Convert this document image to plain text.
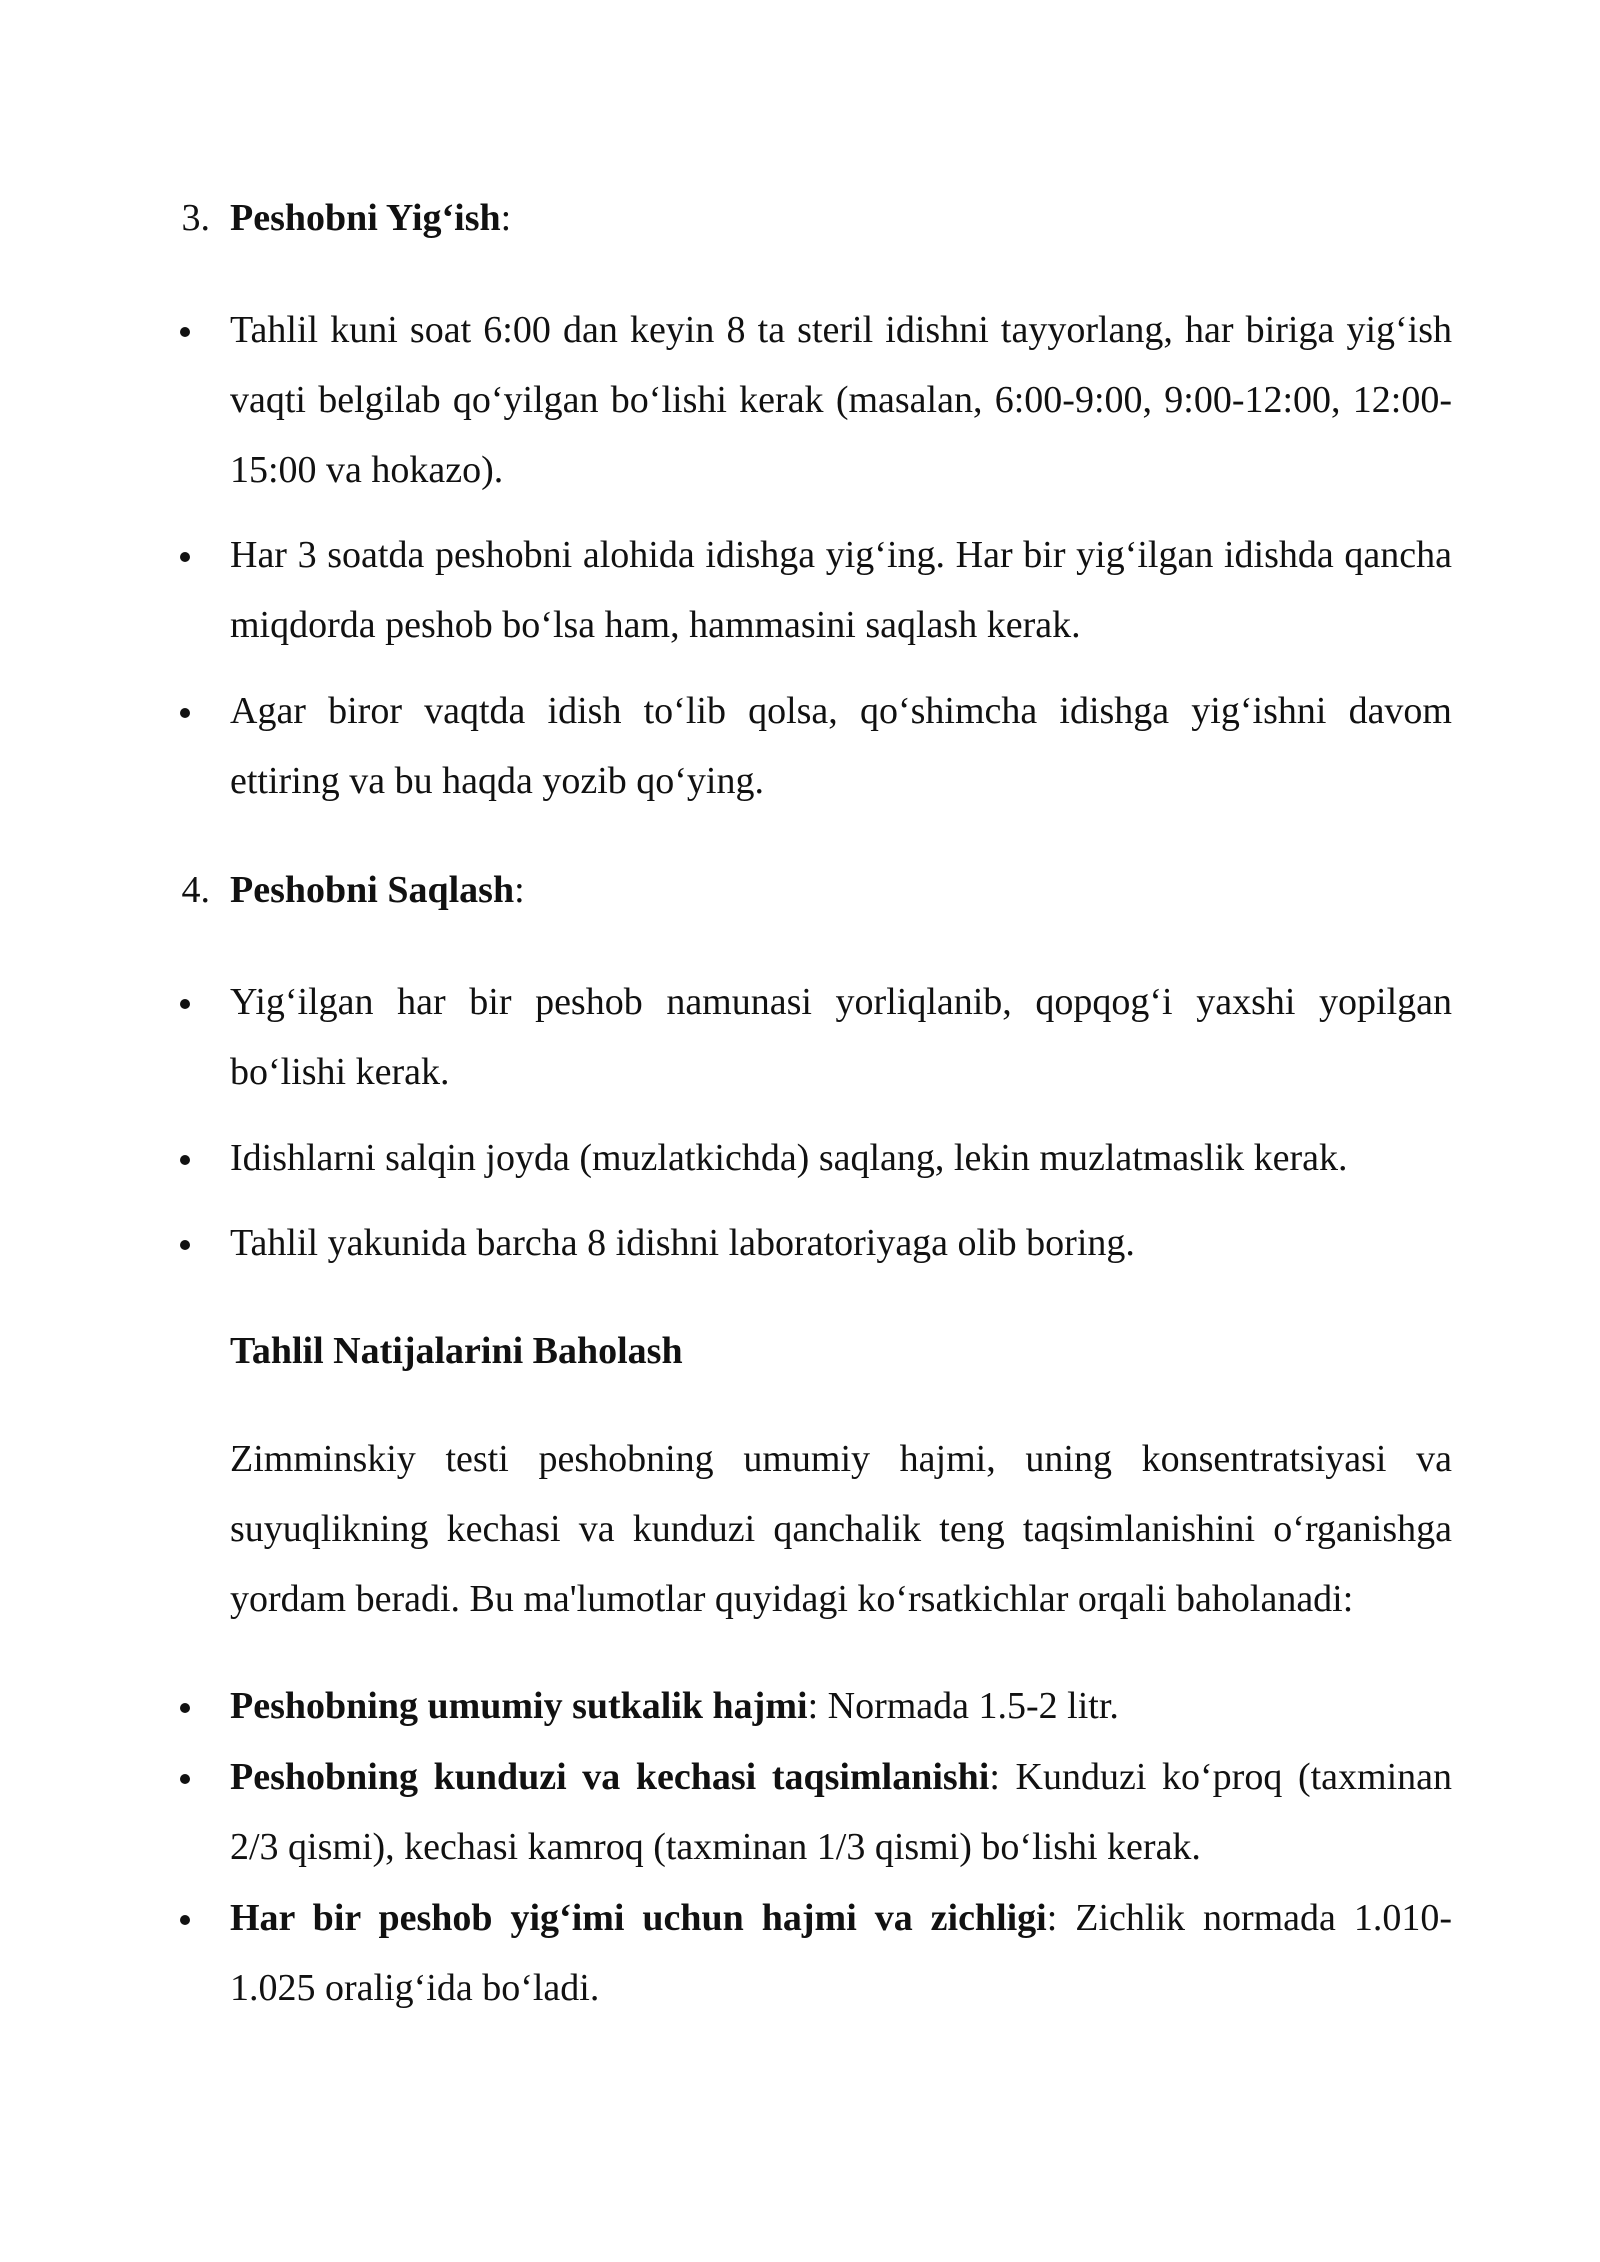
3. Peshobni Yig‘ish:
Tahlil kuni soat 6:00 dan keyin 8 ta steril idishni tayyorlang, har biriga yig‘ish vaqti belgilab qo‘yilgan bo‘lishi kerak (masalan, 6:00-9:00, 9:00-12:00, 12:00-15:00 va hokazo).
Har 3 soatda peshobni alohida idishga yig‘ing. Har bir yig‘ilgan idishda qancha miqdorda peshob bo‘lsa ham, hammasini saqlash kerak.
Agar biror vaqtda idish to‘lib qolsa, qo‘shimcha idishga yig‘ishni davom ettiring va bu haqda yozib qo‘ying.
4. Peshobni Saqlash:
Yig‘ilgan har bir peshob namunasi yorliqlanib, qopqog‘i yaxshi yopilgan bo‘lishi kerak.
Idishlarni salqin joyda (muzlatkichda) saqlang, lekin muzlatmaslik kerak.
Tahlil yakunida barcha 8 idishni laboratoriyaga olib boring.
Tahlil Natijalarini Baholash
Zimminskiy testi peshobning umumiy hajmi, uning konsentratsiyasi va suyuqlikning kechasi va kunduzi qanchalik teng taqsimlanishini o‘rganishga yordam beradi. Bu ma'lumotlar quyidagi ko‘rsatkichlar orqali baholanadi:
Peshobning umumiy sutkalik hajmi: Normada 1.5-2 litr.
Peshobning kunduzi va kechasi taqsimlanishi: Kunduzi ko‘proq (taxminan 2/3 qismi), kechasi kamroq (taxminan 1/3 qismi) bo‘lishi kerak.
Har bir peshob yig‘imi uchun hajmi va zichligi: Zichlik normada 1.010-1.025 oralig‘ida bo‘ladi.
